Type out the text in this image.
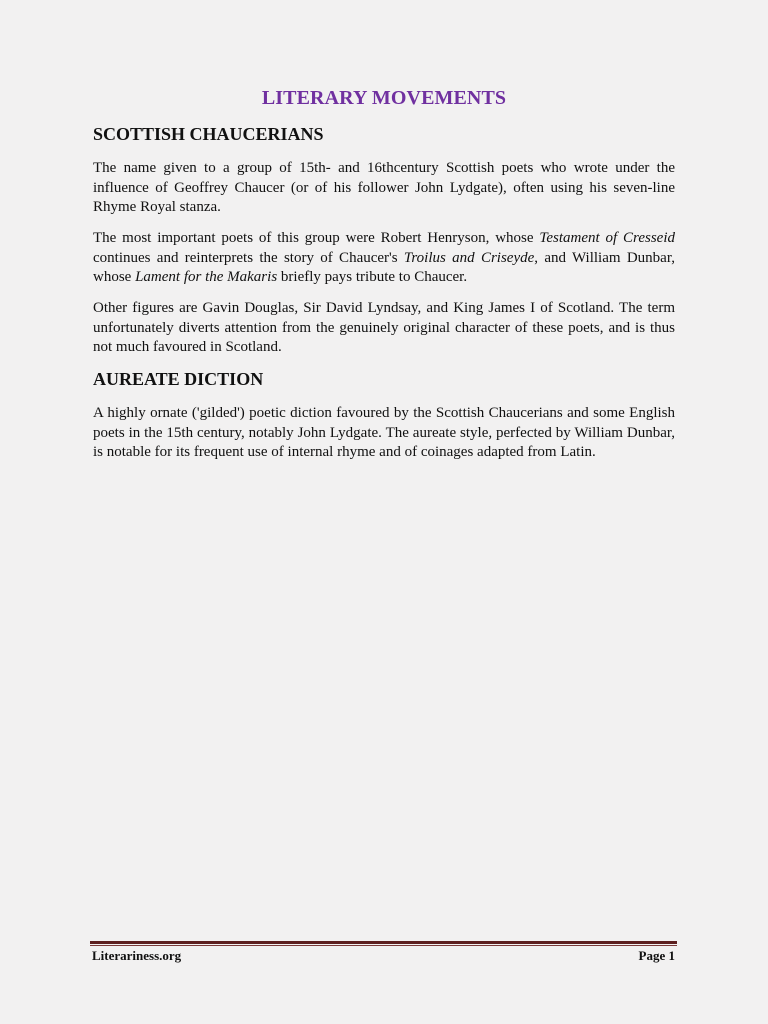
LITERARY MOVEMENTS
SCOTTISH CHAUCERIANS

The name given to a group of 15th- and 16thcentury Scottish poets who wrote under the influence of Geoffrey Chaucer (or of his follower John Lydgate), often using his seven-line Rhyme Royal stanza.

The most important poets of this group were Robert Henryson, whose Testament of Cresseid continues and reinterprets the story of Chaucer's Troilus and Criseyde, and William Dunbar, whose Lament for the Makaris briefly pays tribute to Chaucer.

Other figures are Gavin Douglas, Sir David Lyndsay, and King James I of Scotland. The term unfortunately diverts attention from the genuinely original character of these poets, and is thus not much favoured in Scotland.

AUREATE DICTION

A highly ornate ('gilded') poetic diction favoured by the Scottish Chaucerians and some English poets in the 15th century, notably John Lydgate. The aureate style, perfected by William Dunbar, is notable for its frequent use of internal rhyme and of coinages adapted from Latin.

Literariness.org	Page 1
